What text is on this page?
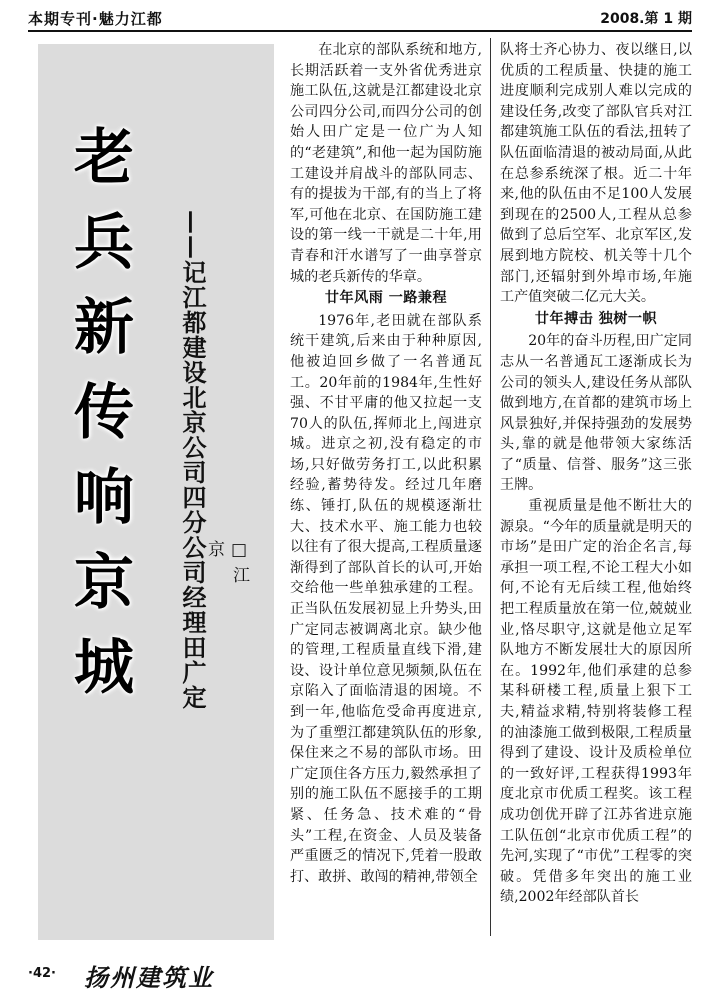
本期专刊·魅力江都	2008.第 1 期
老
兵
新
传
响
京
城	——记江都建设北京公司四分公司经理田广定 □江 京

在北京的部队系统和地方,长期活跃着一支外省优秀进京施工队伍,这就是江都建设北京公司四分公司,而四分公司的创始人田广定是一位广为人知的“老建筑”,和他一起为国防施工建设并肩战斗的部队同志、有的提拔为干部,有的当上了将军,可他在北京、在国防施工建设的第一线一干就是二十年,用青春和汗水谱写了一曲享誉京城的老兵新传的华章。

廿年风雨 一路兼程

1976年,老田就在部队系统干建筑,后来由于种种原因,他被迫回乡做了一名普通瓦工。20年前的1984年,生性好强、不甘平庸的他又拉起一支70人的队伍,挥师北上,闯进京城。进京之初,没有稳定的市场,只好做劳务打工,以此积累经验,蓄势待发。经过几年磨练、锤打,队伍的规模逐渐壮大、技术水平、施工能力也较以往有了很大提高,工程质量逐渐得到了部队首长的认可,开始交给他一些单独承建的工程。正当队伍发展初显上升势头,田广定同志被调离北京。缺少他的管理,工程质量直线下滑,建设、设计单位意见频频,队伍在京陷入了面临清退的困境。不到一年,他临危受命再度进京,为了重塑江都建筑队伍的形象,保住来之不易的部队市场。田广定顶住各方压力,毅然承担了别的施工队伍不愿接手的工期紧、任务急、技术难的“骨头”工程,在资金、人员及装备严重匮乏的情况下,凭着一股敢打、敢拼、敢闯的精神,带领全

队将士齐心协力、夜以继日,以优质的工程质量、快捷的施工进度顺利完成别人难以完成的建设任务,改变了部队官兵对江都建筑施工队伍的看法,扭转了队伍面临清退的被动局面,从此在总参系统深了根。近二十年来,他的队伍由不足100人发展到现在的2500人,工程从总参做到了总后空军、北京军区,发展到地方院校、机关等十几个部门,还辐射到外埠市场,年施工产值突破二亿元大关。

廿年搏击 独树一帜

20年的奋斗历程,田广定同志从一名普通瓦工逐渐成长为公司的领头人,建设任务从部队做到地方,在首都的建筑市场上风景独好,并保持强劲的发展势头,靠的就是他带领大家练活了“质量、信誉、服务”这三张王牌。

重视质量是他不断壮大的源泉。“今年的质量就是明天的市场”是田广定的治企名言,每承担一项工程,不论工程大小如何,不论有无后续工程,他始终把工程质量放在第一位,兢兢业业,恪尽职守,这就是他立足军队地方不断发展壮大的原因所在。1992年,他们承建的总参某科研楼工程,质量上狠下工夫,精益求精,特别将装修工程的油漆施工做到极限,工程质量得到了建设、设计及质检单位的一致好评,工程获得1993年度北京市优质工程奖。该工程成功创优开辟了江苏省进京施工队伍创“北京市优质工程”的先河,实现了“市优”工程零的突破。凭借多年突出的施工业绩,2002年经部队首长

·42· 扬州建筑业
